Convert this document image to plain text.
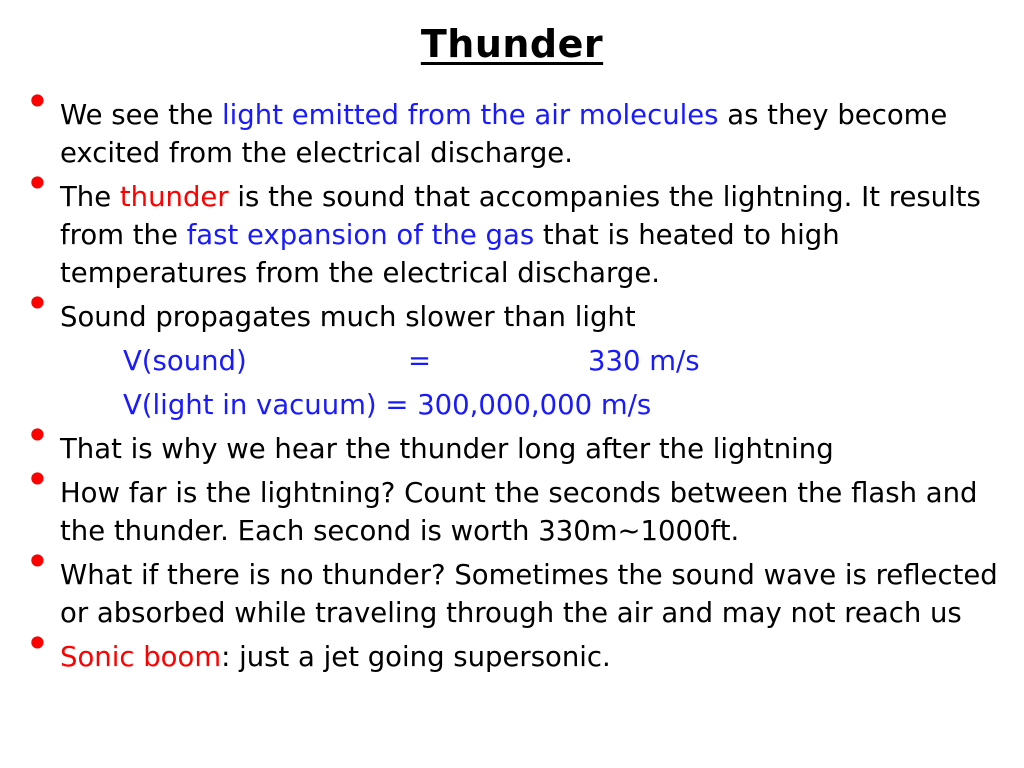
Thunder
• We see the light emitted from the air molecules as they become excited from the electrical discharge.
• The thunder is the sound that accompanies the lightning. It results from the fast expansion of the gas that is heated to high temperatures from the electrical discharge.
• Sound propagates much slower than light
V(sound)	=	330 m/s
V(light in vacuum) = 300,000,000 m/s
• That is why we hear the thunder long after the lightning
• How far is the lightning? Count the seconds between the flash and the thunder. Each second is worth 330m~1000ft.
• What if there is no thunder? Sometimes the sound wave is reflected or absorbed while traveling through the air and may not reach us
• Sonic boom: just a jet going supersonic.
